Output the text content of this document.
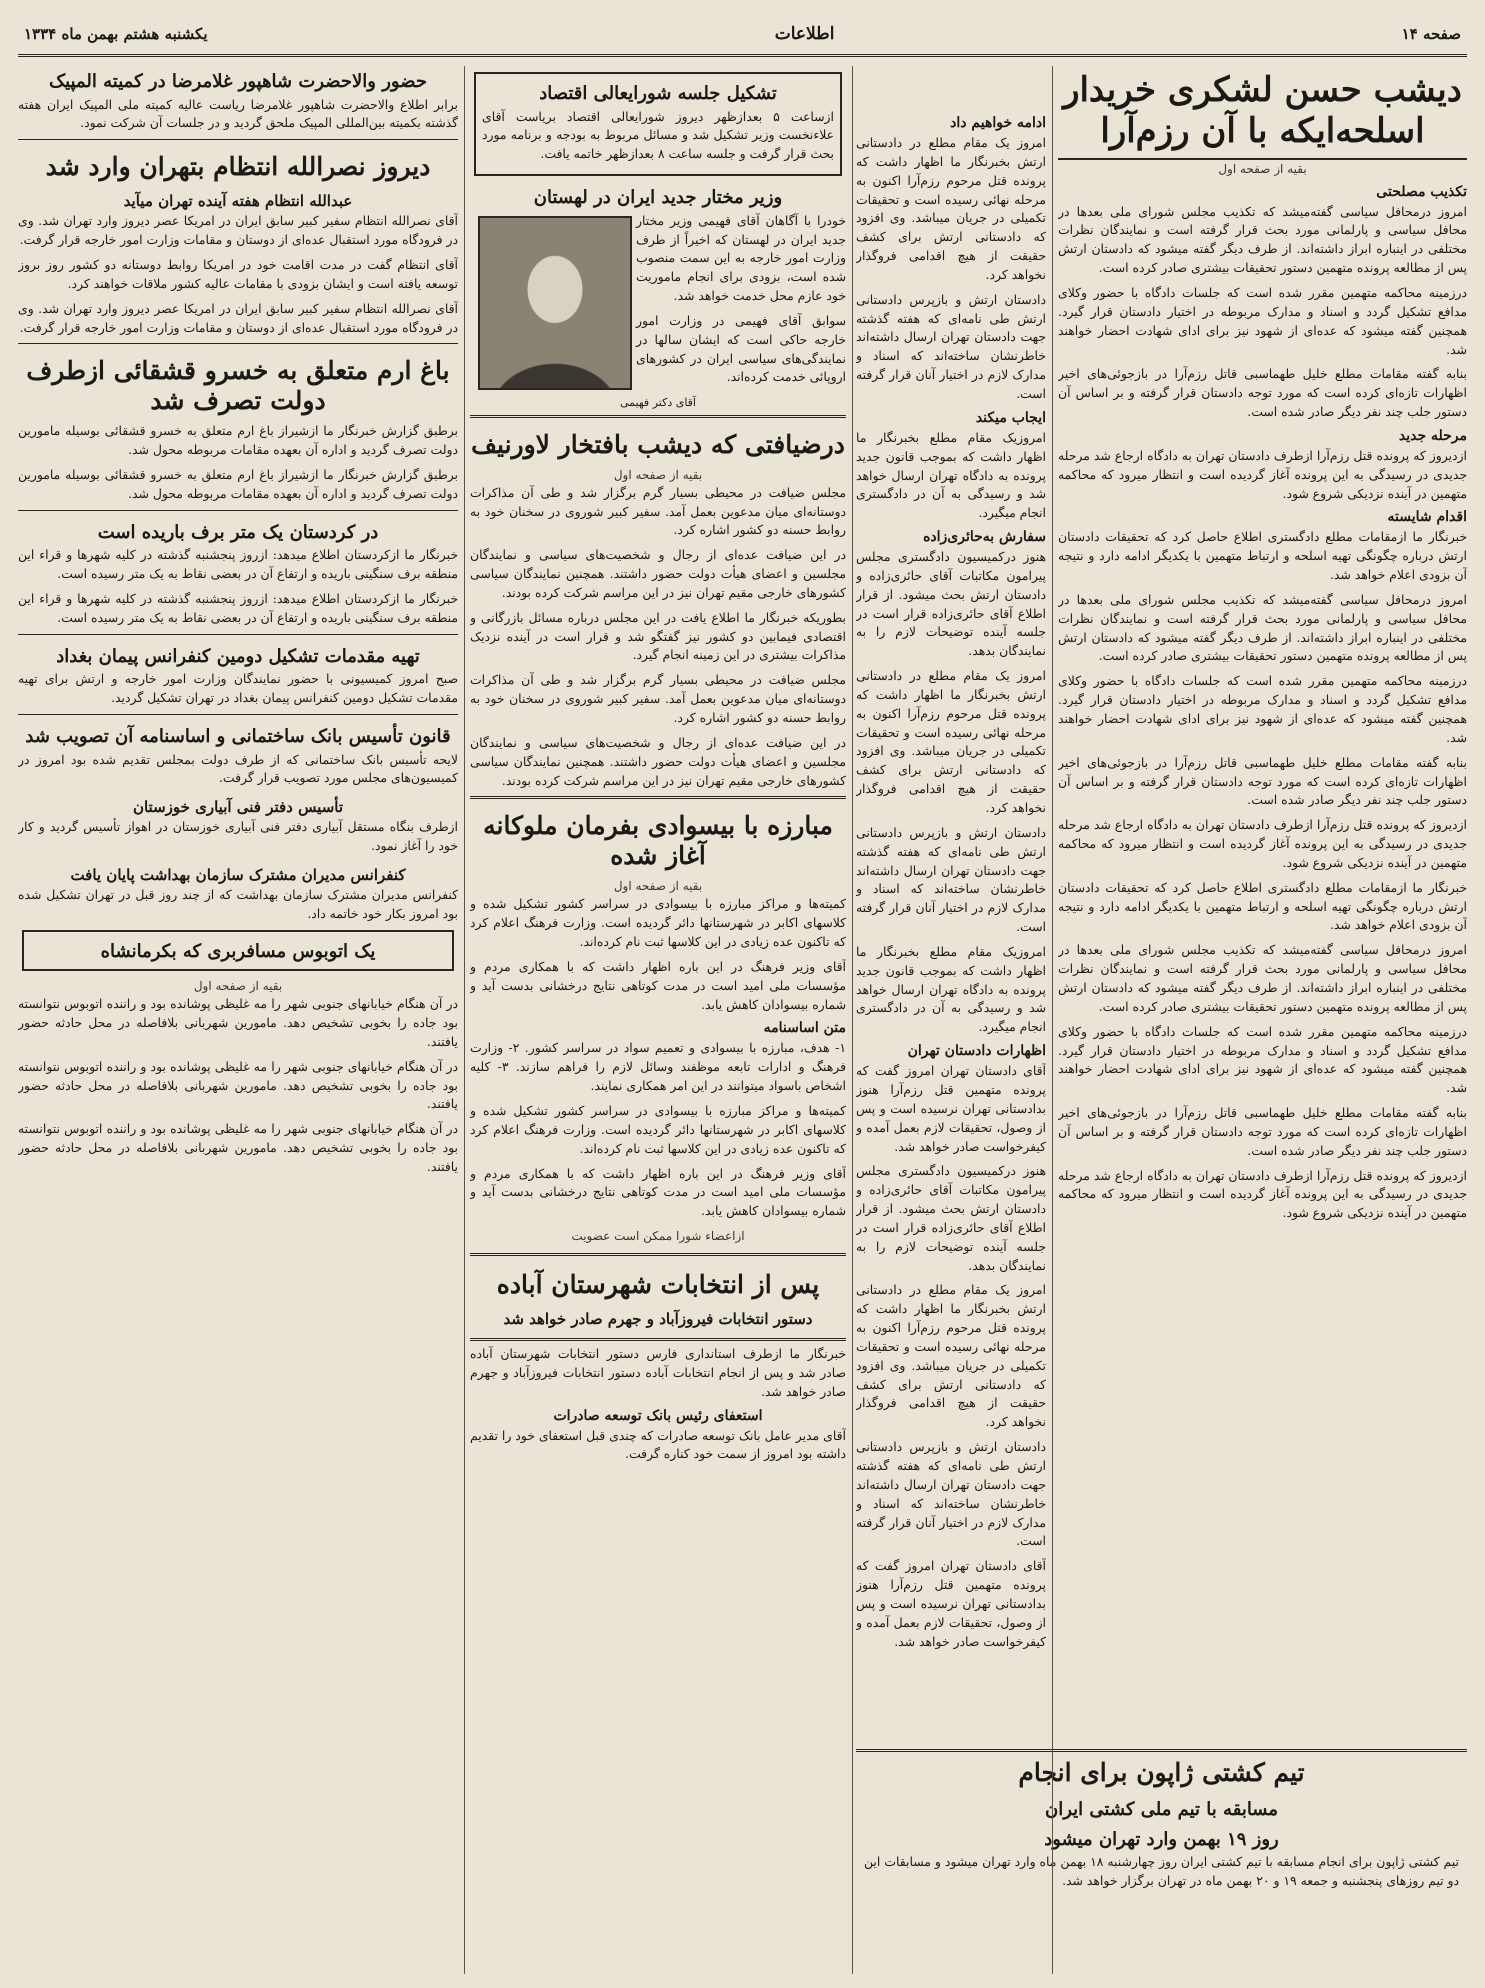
صفحه ۱۴
اطلاعات
یکشنبه هشتم بهمن ماه ۱۳۳۴
دیشب حسن لشکری خریدار اسلحه‌ایکه با آن رزم‌آرا
بقیه از صفحه اول
تکذیب مصلحتی

امروز درمحافل سیاسی گفته‌میشد که تکذیب مجلس شورای ملی بعدها در محافل سیاسی و پارلمانی مورد بحث قرار گرفته است و نمایندگان نظرات مختلفی در اینباره ابراز داشته‌اند. از طرف دیگر گفته میشود که دادستان ارتش پس از مطالعه پرونده متهمین دستور تحقیقات بیشتری صادر کرده است.

درزمینه محاکمه متهمین مقرر شده است که جلسات دادگاه با حضور وکلای مدافع تشکیل گردد و اسناد و مدارک مربوطه در اختیار دادستان قرار گیرد. همچنین گفته میشود که عده‌ای از شهود نیز برای ادای شهادت احضار خواهند شد.

بنابه گفته مقامات مطلع خلیل طهماسبی قاتل رزم‌آرا در بازجوئی‌های اخیر اظهارات تازه‌ای کرده است که مورد توجه دادستان قرار گرفته و بر اساس آن دستور جلب چند نفر دیگر صادر شده است.

مرحله جدید

ازدیروز که پرونده قتل رزم‌آرا ازطرف دادستان تهران به دادگاه ارجاع شد مرحله جدیدی در رسیدگی به این پرونده آغاز گردیده است و انتظار میرود که محاکمه متهمین در آینده نزدیکی شروع شود.

اقدام شایسته

خبرنگار ما ازمقامات مطلع دادگستری اطلاع حاصل کرد که تحقیقات دادستان ارتش درباره چگونگی تهیه اسلحه و ارتباط متهمین با یکدیگر ادامه دارد و نتیجه آن بزودی اعلام خواهد شد.

امروز درمحافل سیاسی گفته‌میشد که تکذیب مجلس شورای ملی بعدها در محافل سیاسی و پارلمانی مورد بحث قرار گرفته است و نمایندگان نظرات مختلفی در اینباره ابراز داشته‌اند. از طرف دیگر گفته میشود که دادستان ارتش پس از مطالعه پرونده متهمین دستور تحقیقات بیشتری صادر کرده است.

درزمینه محاکمه متهمین مقرر شده است که جلسات دادگاه با حضور وکلای مدافع تشکیل گردد و اسناد و مدارک مربوطه در اختیار دادستان قرار گیرد. همچنین گفته میشود که عده‌ای از شهود نیز برای ادای شهادت احضار خواهند شد.

بنابه گفته مقامات مطلع خلیل طهماسبی قاتل رزم‌آرا در بازجوئی‌های اخیر اظهارات تازه‌ای کرده است که مورد توجه دادستان قرار گرفته و بر اساس آن دستور جلب چند نفر دیگر صادر شده است.

ازدیروز که پرونده قتل رزم‌آرا ازطرف دادستان تهران به دادگاه ارجاع شد مرحله جدیدی در رسیدگی به این پرونده آغاز گردیده است و انتظار میرود که محاکمه متهمین در آینده نزدیکی شروع شود.

خبرنگار ما ازمقامات مطلع دادگستری اطلاع حاصل کرد که تحقیقات دادستان ارتش درباره چگونگی تهیه اسلحه و ارتباط متهمین با یکدیگر ادامه دارد و نتیجه آن بزودی اعلام خواهد شد.

امروز درمحافل سیاسی گفته‌میشد که تکذیب مجلس شورای ملی بعدها در محافل سیاسی و پارلمانی مورد بحث قرار گرفته است و نمایندگان نظرات مختلفی در اینباره ابراز داشته‌اند. از طرف دیگر گفته میشود که دادستان ارتش پس از مطالعه پرونده متهمین دستور تحقیقات بیشتری صادر کرده است.

درزمینه محاکمه متهمین مقرر شده است که جلسات دادگاه با حضور وکلای مدافع تشکیل گردد و اسناد و مدارک مربوطه در اختیار دادستان قرار گیرد. همچنین گفته میشود که عده‌ای از شهود نیز برای ادای شهادت احضار خواهند شد.

بنابه گفته مقامات مطلع خلیل طهماسبی قاتل رزم‌آرا در بازجوئی‌های اخیر اظهارات تازه‌ای کرده است که مورد توجه دادستان قرار گرفته و بر اساس آن دستور جلب چند نفر دیگر صادر شده است.

ازدیروز که پرونده قتل رزم‌آرا ازطرف دادستان تهران به دادگاه ارجاع شد مرحله جدیدی در رسیدگی به این پرونده آغاز گردیده است و انتظار میرود که محاکمه متهمین در آینده نزدیکی شروع شود.

ادامه خواهیم داد

امروز یک مقام مطلع در دادستانی ارتش بخبرنگار ما اظهار داشت که پرونده قتل مرحوم رزم‌آرا اکنون به مرحله نهائی رسیده است و تحقیقات تکمیلی در جریان میباشد. وی افزود که دادستانی ارتش برای کشف حقیقت از هیچ اقدامی فروگذار نخواهد کرد.

دادستان ارتش و بازپرس دادستانی ارتش طی نامه‌ای که هفته گذشته جهت دادستان تهران ارسال داشته‌اند خاطرنشان ساخته‌اند که اسناد و مدارک لازم در اختیار آنان قرار گرفته است.

ایجاب میکند

امروزیک مقام مطلع بخبرنگار ما اظهار داشت که بموجب قانون جدید پرونده به دادگاه تهران ارسال خواهد شد و رسیدگی به آن در دادگستری انجام میگیرد.

سفارش به‌حائری‌زاده

هنوز درکمیسیون دادگستری مجلس پیرامون مکاتبات آقای حائری‌زاده و دادستان ارتش بحث میشود. از قرار اطلاع آقای حائری‌زاده قرار است در جلسه آینده توضیحات لازم را به نمایندگان بدهد.

امروز یک مقام مطلع در دادستانی ارتش بخبرنگار ما اظهار داشت که پرونده قتل مرحوم رزم‌آرا اکنون به مرحله نهائی رسیده است و تحقیقات تکمیلی در جریان میباشد. وی افزود که دادستانی ارتش برای کشف حقیقت از هیچ اقدامی فروگذار نخواهد کرد.

دادستان ارتش و بازپرس دادستانی ارتش طی نامه‌ای که هفته گذشته جهت دادستان تهران ارسال داشته‌اند خاطرنشان ساخته‌اند که اسناد و مدارک لازم در اختیار آنان قرار گرفته است.

امروزیک مقام مطلع بخبرنگار ما اظهار داشت که بموجب قانون جدید پرونده به دادگاه تهران ارسال خواهد شد و رسیدگی به آن در دادگستری انجام میگیرد.

اظهارات دادستان تهران

آقای دادستان تهران امروز گفت که پرونده متهمین قتل رزم‌آرا هنوز بدادستانی تهران نرسیده است و پس از وصول، تحقیقات لازم بعمل آمده و کیفرخواست صادر خواهد شد.

هنوز درکمیسیون دادگستری مجلس پیرامون مکاتبات آقای حائری‌زاده و دادستان ارتش بحث میشود. از قرار اطلاع آقای حائری‌زاده قرار است در جلسه آینده توضیحات لازم را به نمایندگان بدهد.

امروز یک مقام مطلع در دادستانی ارتش بخبرنگار ما اظهار داشت که پرونده قتل مرحوم رزم‌آرا اکنون به مرحله نهائی رسیده است و تحقیقات تکمیلی در جریان میباشد. وی افزود که دادستانی ارتش برای کشف حقیقت از هیچ اقدامی فروگذار نخواهد کرد.

دادستان ارتش و بازپرس دادستانی ارتش طی نامه‌ای که هفته گذشته جهت دادستان تهران ارسال داشته‌اند خاطرنشان ساخته‌اند که اسناد و مدارک لازم در اختیار آنان قرار گرفته است.

آقای دادستان تهران امروز گفت که پرونده متهمین قتل رزم‌آرا هنوز بدادستانی تهران نرسیده است و پس از وصول، تحقیقات لازم بعمل آمده و کیفرخواست صادر خواهد شد.

تشکیل جلسه شورایعالی اقتصاد

ازساعت ۵ بعدازظهر دیروز شورایعالی اقتصاد بریاست آقای علاءنخست وزیر تشکیل شد و مسائل مربوط به بودجه و برنامه مورد بحث قرار گرفت و جلسه ساعت ۸ بعدازظهر خاتمه یافت.

وزیر مختار جدید ایران در لهستان

خودرا با آگاهان آقای قهیمی وزیر مختار جدید ایران در لهستان که اخیراً از طرف وزارت امور خارجه به این سمت منصوب شده است، بزودی برای انجام ماموریت خود عازم محل خدمت خواهد شد.

سوابق آقای فهیمی در وزارت امور خارجه حاکی است که ایشان سالها در نمایندگی‌های سیاسی ایران در کشورهای اروپائی خدمت کرده‌اند.

آقای دکتر فهیمی
درضیافتی که دیشب بافتخار لاورنیف
بقیه از صفحه اول

مجلس ضیافت در محیطی بسیار گرم برگزار شد و طی آن مذاکرات دوستانه‌ای میان مدعوین بعمل آمد. سفیر کبیر شوروی در سخنان خود به روابط حسنه دو کشور اشاره کرد.

در این ضیافت عده‌ای از رجال و شخصیت‌های سیاسی و نمایندگان مجلسین و اعضای هیأت دولت حضور داشتند. همچنین نمایندگان سیاسی کشورهای خارجی مقیم تهران نیز در این مراسم شرکت کرده بودند.

بطوریکه خبرنگار ما اطلاع یافت در این مجلس درباره مسائل بازرگانی و اقتصادی فیمابین دو کشور نیز گفتگو شد و قرار است در آینده نزدیک مذاکرات بیشتری در این زمینه انجام گیرد.

مجلس ضیافت در محیطی بسیار گرم برگزار شد و طی آن مذاکرات دوستانه‌ای میان مدعوین بعمل آمد. سفیر کبیر شوروی در سخنان خود به روابط حسنه دو کشور اشاره کرد.

در این ضیافت عده‌ای از رجال و شخصیت‌های سیاسی و نمایندگان مجلسین و اعضای هیأت دولت حضور داشتند. همچنین نمایندگان سیاسی کشورهای خارجی مقیم تهران نیز در این مراسم شرکت کرده بودند.

مبارزه با بیسوادی بفرمان ملوکانه آغاز شده
بقیه از صفحه اول

کمیته‌ها و مراکز مبارزه با بیسوادی در سراسر کشور تشکیل شده و کلاسهای اکابر در شهرستانها دائر گردیده است. وزارت فرهنگ اعلام کرد که تاکنون عده زیادی در این کلاسها ثبت نام کرده‌اند.

آقای وزیر فرهنگ در این باره اظهار داشت که با همکاری مردم و مؤسسات ملی امید است در مدت کوتاهی نتایج درخشانی بدست آید و شماره بیسوادان کاهش یابد.

متن اساسنامه

۱- هدف، مبارزه با بیسوادی و تعمیم سواد در سراسر کشور. ۲- وزارت فرهنگ و ادارات تابعه موظفند وسائل لازم را فراهم سازند. ۳- کلیه اشخاص باسواد میتوانند در این امر همکاری نمایند.

کمیته‌ها و مراکز مبارزه با بیسوادی در سراسر کشور تشکیل شده و کلاسهای اکابر در شهرستانها دائر گردیده است. وزارت فرهنگ اعلام کرد که تاکنون عده زیادی در این کلاسها ثبت نام کرده‌اند.

آقای وزیر فرهنگ در این باره اظهار داشت که با همکاری مردم و مؤسسات ملی امید است در مدت کوتاهی نتایج درخشانی بدست آید و شماره بیسوادان کاهش یابد.

ازاعضاء شورا ممکن است عضویت
پس از انتخابات شهرستان آباده
دستور انتخابات فیروزآباد و جهرم صادر خواهد شد

خبرنگار ما ازطرف استانداری فارس دستور انتخابات شهرستان آباده صادر شد و پس از انجام انتخابات آباده دستور انتخابات فیروزآباد و جهرم صادر خواهد شد.

استعفای رئیس بانک توسعه صادرات

آقای مدیر عامل بانک توسعه صادرات که چندی قبل استعفای خود را تقدیم داشته بود امروز از سمت خود کناره گرفت.

حضور والاحضرت شاهپور غلامرضا در کمیته المپیک

برابر اطلاع والاحضرت شاهپور غلامرضا ریاست عالیه کمیته ملی المپیک ایران هفته گذشته بکمیته بین‌المللی المپیک ملحق گردید و در جلسات آن شرکت نمود.

دیروز نصرالله انتظام بتهران وارد شد
عبدالله انتظام هفته آینده تهران میآید

آقای نصرالله انتظام سفیر کبیر سابق ایران در امریکا عصر دیروز وارد تهران شد. وی در فرودگاه مورد استقبال عده‌ای از دوستان و مقامات وزارت امور خارجه قرار گرفت.

آقای انتظام گفت در مدت اقامت خود در امریکا روابط دوستانه دو کشور روز بروز توسعه یافته است و ایشان بزودی با مقامات عالیه کشور ملاقات خواهند کرد.

آقای نصرالله انتظام سفیر کبیر سابق ایران در امریکا عصر دیروز وارد تهران شد. وی در فرودگاه مورد استقبال عده‌ای از دوستان و مقامات وزارت امور خارجه قرار گرفت.

باغ ارم متعلق به خسرو قشقائی ازطرف دولت تصرف شد

برطبق گزارش خبرنگار ما ازشیراز باغ ارم متعلق به خسرو قشقائی بوسیله مامورین دولت تصرف گردید و اداره آن بعهده مقامات مربوطه محول شد.

برطبق گزارش خبرنگار ما ازشیراز باغ ارم متعلق به خسرو قشقائی بوسیله مامورین دولت تصرف گردید و اداره آن بعهده مقامات مربوطه محول شد.

در کردستان یک متر برف باریده است

خبرنگار ما ازکردستان اطلاع میدهد: ازروز پنجشنبه گذشته در کلیه شهرها و قراء این منطقه برف سنگینی باریده و ارتفاع آن در بعضی نقاط به یک متر رسیده است.

خبرنگار ما ازکردستان اطلاع میدهد: ازروز پنجشنبه گذشته در کلیه شهرها و قراء این منطقه برف سنگینی باریده و ارتفاع آن در بعضی نقاط به یک متر رسیده است.

تهیه مقدمات تشکیل دومین کنفرانس پیمان بغداد

صبح امروز کمیسیونی با حضور نمایندگان وزارت امور خارجه و ارتش برای تهیه مقدمات تشکیل دومین کنفرانس پیمان بغداد در تهران تشکیل گردید.

قانون تأسیس بانک ساختمانی و اساسنامه آن تصویب شد

لایحه تأسیس بانک ساختمانی که از طرف دولت بمجلس تقدیم شده بود امروز در کمیسیون‌های مجلس مورد تصویب قرار گرفت.

تأسیس دفتر فنی آبیاری خوزستان

ازطرف بنگاه مستقل آبیاری دفتر فنی آبیاری خوزستان در اهواز تأسیس گردید و کار خود را آغاز نمود.

کنفرانس مدیران مشترک سازمان بهداشت پایان یافت

کنفرانس مدیران مشترک سازمان بهداشت که از چند روز قبل در تهران تشکیل شده بود امروز بکار خود خاتمه داد.

یک اتوبوس مسافربری که بکرمانشاه
بقیه از صفحه اول

در آن هنگام خیابانهای جنوبی شهر را مه غلیظی پوشانده بود و راننده اتوبوس نتوانسته بود جاده را بخوبی تشخیص دهد. مامورین شهربانی بلافاصله در محل حادثه حضور یافتند.

در آن هنگام خیابانهای جنوبی شهر را مه غلیظی پوشانده بود و راننده اتوبوس نتوانسته بود جاده را بخوبی تشخیص دهد. مامورین شهربانی بلافاصله در محل حادثه حضور یافتند.

در آن هنگام خیابانهای جنوبی شهر را مه غلیظی پوشانده بود و راننده اتوبوس نتوانسته بود جاده را بخوبی تشخیص دهد. مامورین شهربانی بلافاصله در محل حادثه حضور یافتند.

تیم کشتی ژاپون برای انجام
مسابقه با تیم ملی کشتی ایران
روز ۱۹ بهمن وارد تهران میشود

تیم کشتی ژاپون برای انجام مسابقه با تیم کشتی ایران روز چهارشنبه ۱۸ بهمن ماه وارد تهران میشود و مسابقات این دو تیم روزهای پنجشنبه و جمعه ۱۹ و ۲۰ بهمن ماه در تهران برگزار خواهد شد.
